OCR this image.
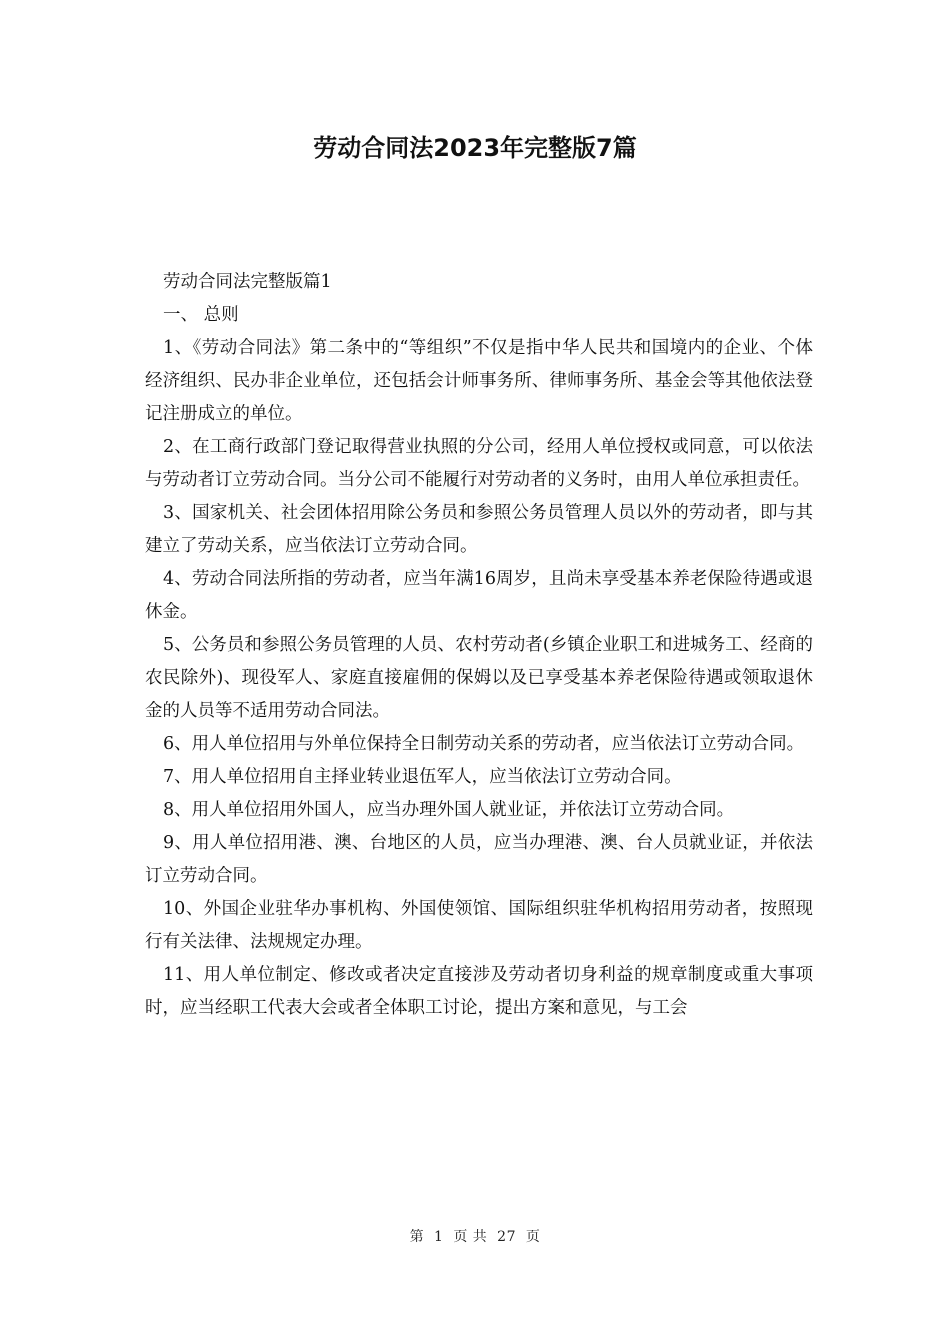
劳动合同法2023年完整版7篇

劳动合同法完整版篇1

一、 总则

1、《劳动合同法》第二条中的“等组织”不仅是指中华人民共和国境内的企业、个体经济组织、民办非企业单位，还包括会计师事务所、律师事务所、基金会等其他依法登记注册成立的单位。

2、在工商行政部门登记取得营业执照的分公司，经用人单位授权或同意，可以依法与劳动者订立劳动合同。当分公司不能履行对劳动者的义务时，由用人单位承担责任。

3、国家机关、社会团体招用除公务员和参照公务员管理人员以外的劳动者，即与其建立了劳动关系，应当依法订立劳动合同。

4、劳动合同法所指的劳动者，应当年满16周岁，且尚未享受基本养老保险待遇或退休金。

5、公务员和参照公务员管理的人员、农村劳动者(乡镇企业职工和进城务工、经商的农民除外)、现役军人、家庭直接雇佣的保姆以及已享受基本养老保险待遇或领取退休金的人员等不适用劳动合同法。

6、用人单位招用与外单位保持全日制劳动关系的劳动者，应当依法订立劳动合同。

7、用人单位招用自主择业转业退伍军人，应当依法订立劳动合同。

8、用人单位招用外国人，应当办理外国人就业证，并依法订立劳动合同。

9、用人单位招用港、澳、台地区的人员，应当办理港、澳、台人员就业证，并依法订立劳动合同。

10、外国企业驻华办事机构、外国使领馆、国际组织驻华机构招用劳动者，按照现行有关法律、法规规定办理。

11、用人单位制定、修改或者决定直接涉及劳动者切身利益的规章制度或重大事项时，应当经职工代表大会或者全体职工讨论，提出方案和意见，与工会

第  1  页 共  27  页
